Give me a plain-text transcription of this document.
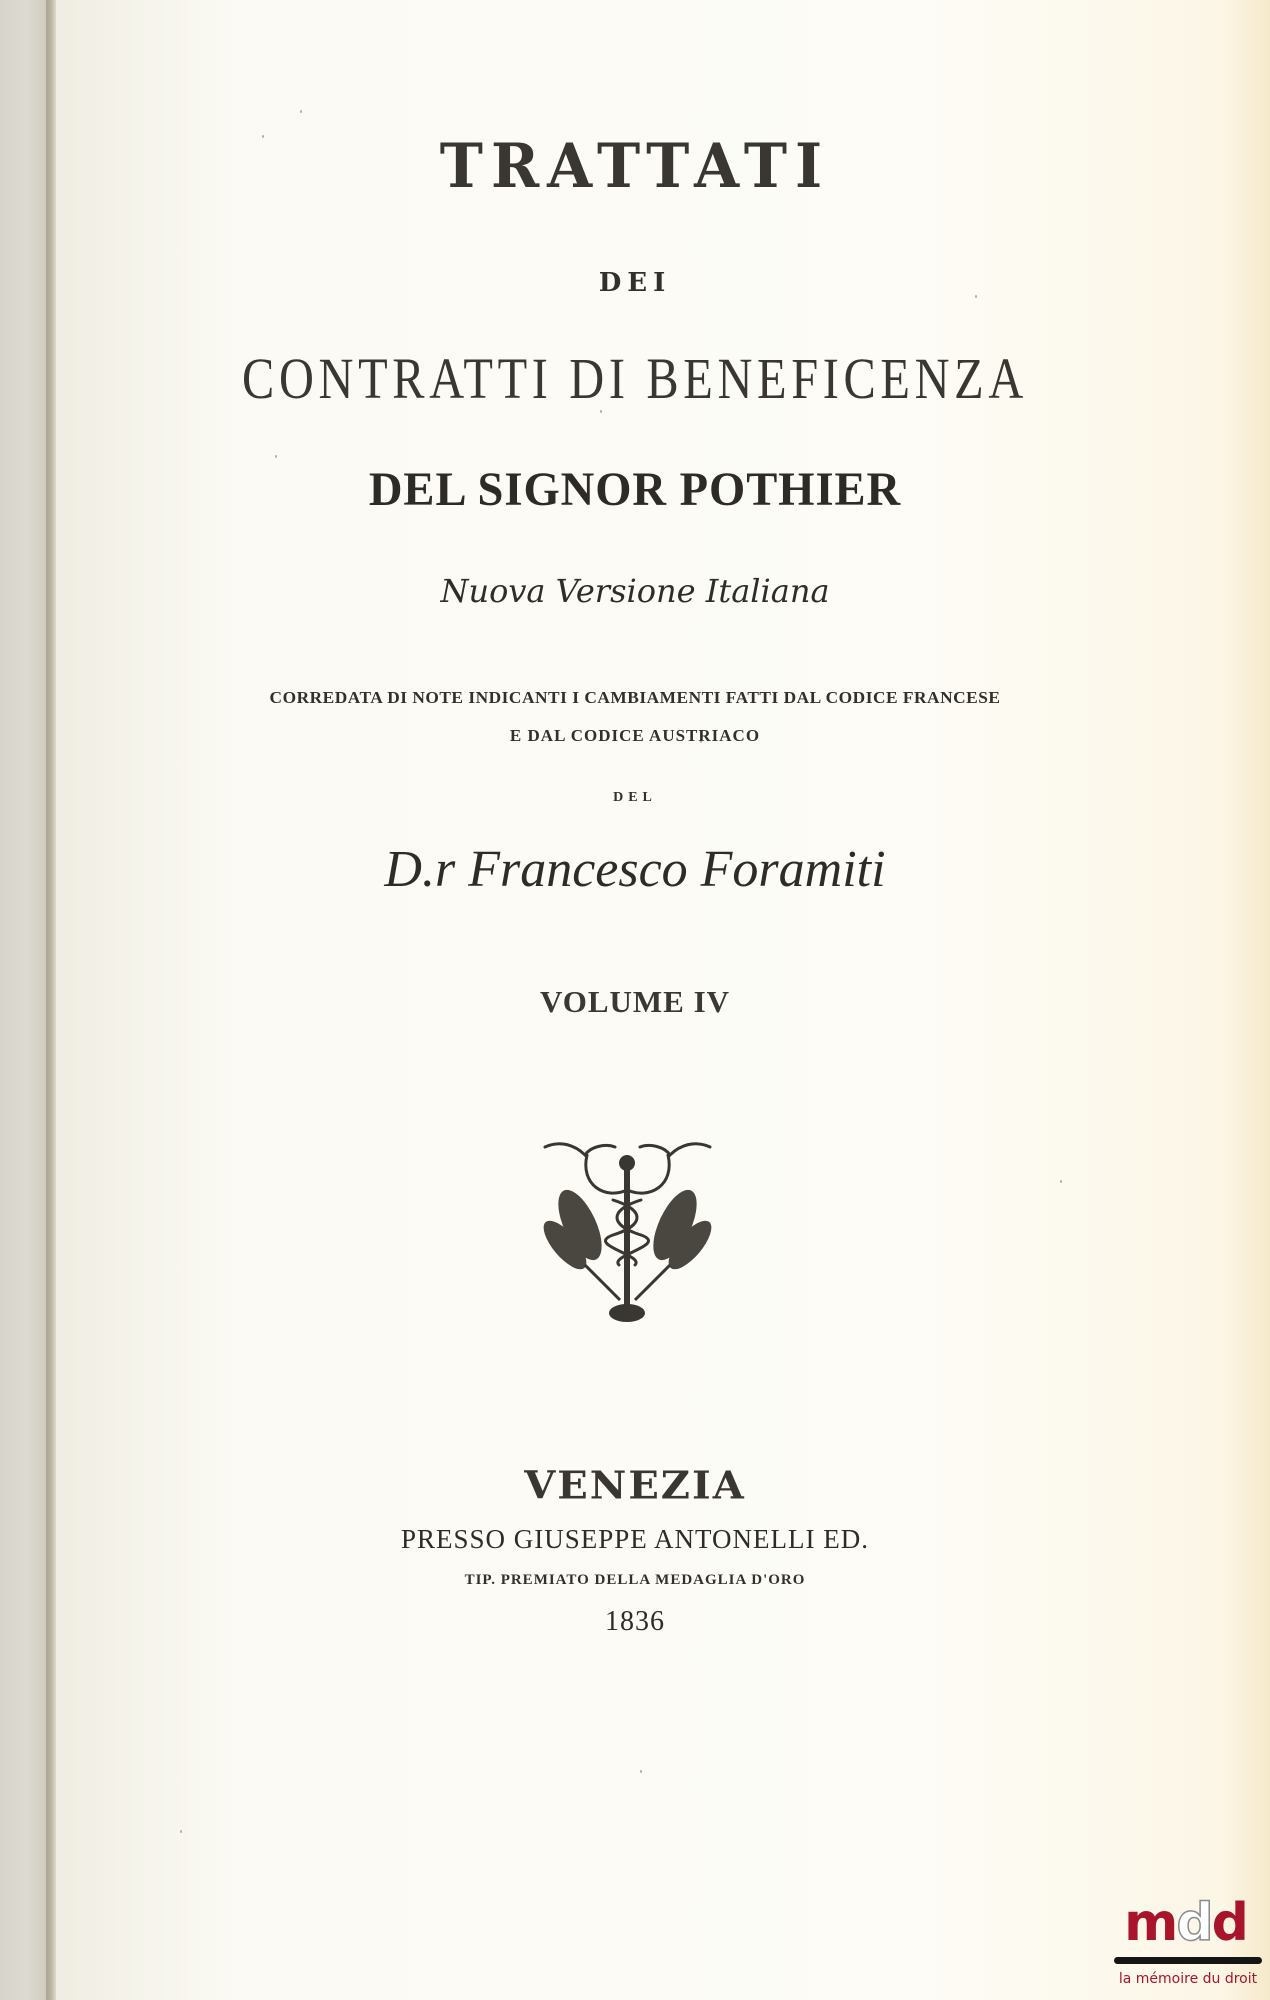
TRATTATI
DEI
CONTRATTI DI BENEFICENZA
DEL SIGNOR POTHIER
Nuova Versione Italiana
CORREDATA DI NOTE INDICANTI I CAMBIAMENTI FATTI DAL CODICE FRANCESE
E DAL CODICE AUSTRIACO
DEL
D.r Francesco Foramiti
VOLUME IV
VENEZIA
PRESSO GIUSEPPE ANTONELLI ED.
TIP. PREMIATO DELLA MEDAGLIA D'ORO
1836
mdd
la mémoire du droit
